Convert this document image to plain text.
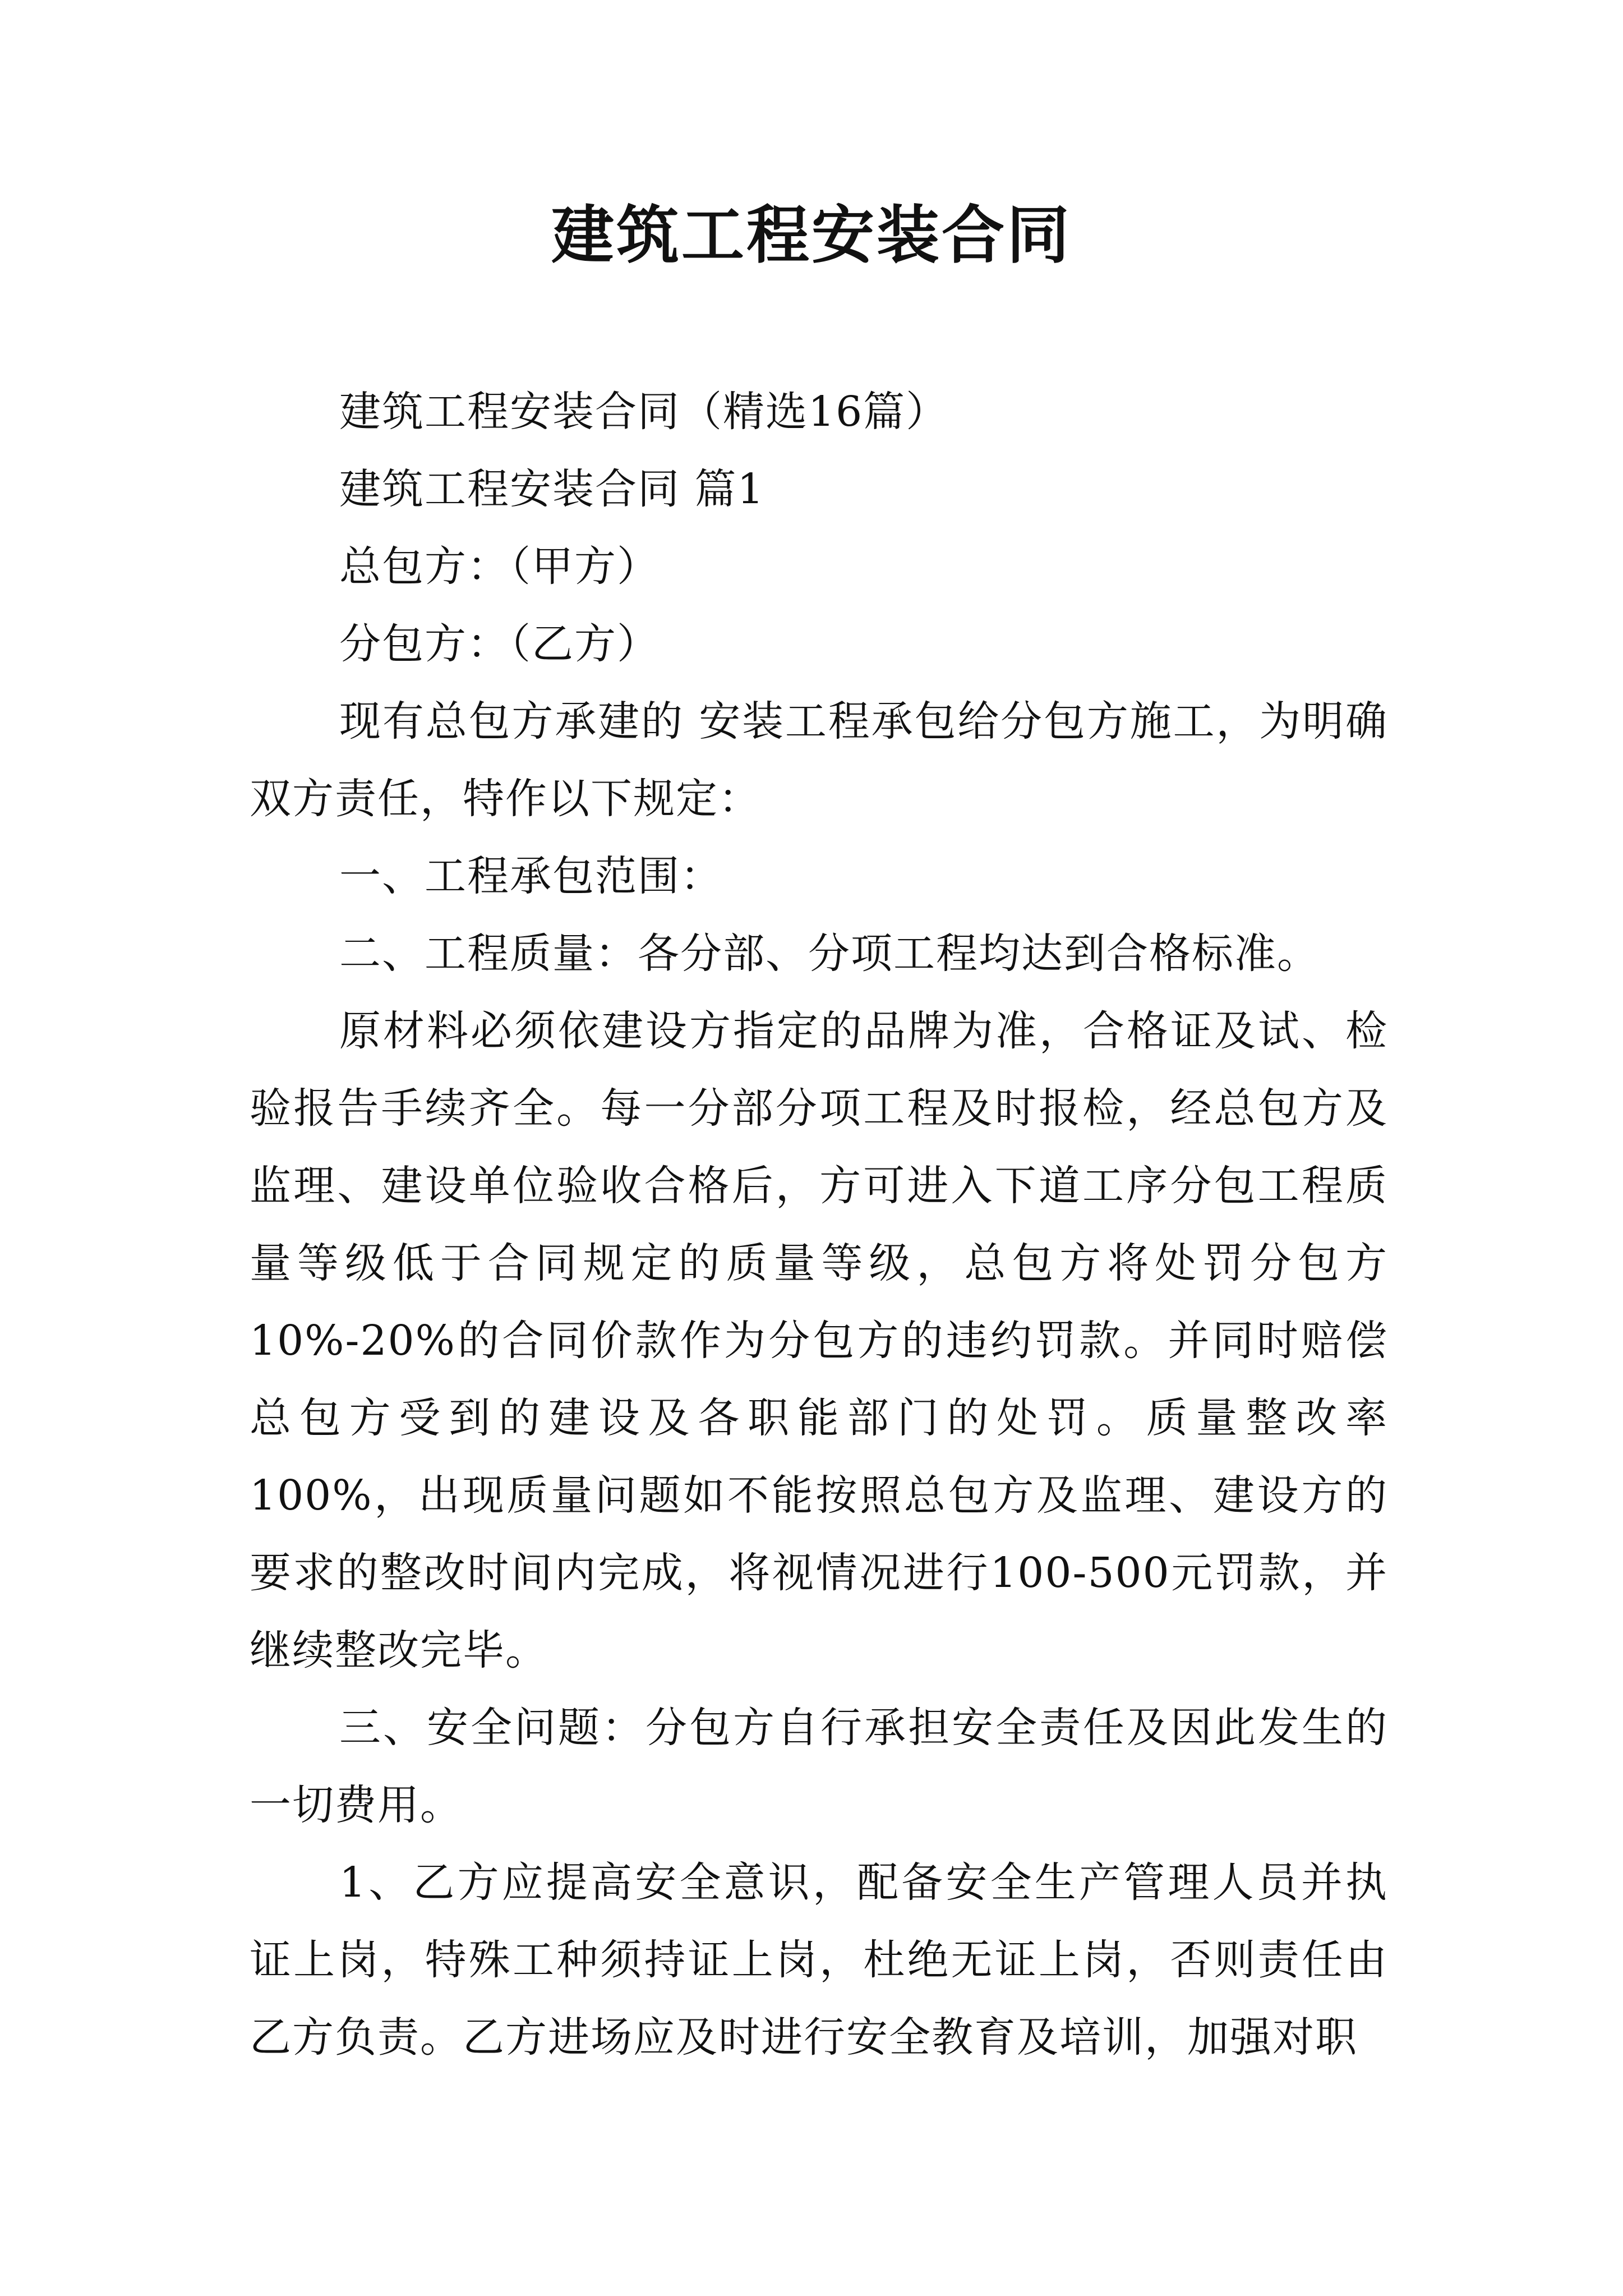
建筑工程安装合同

建筑工程安装合同（精选16篇）

建筑工程安装合同 篇1

总包方：（甲方）

分包方：（乙方）

现有总包方承建的 安装工程承包给分包方施工，为明确双方责任，特作以下规定：

一、工程承包范围：

二、工程质量：各分部、分项工程均达到合格标准。

原材料必须依建设方指定的品牌为准，合格证及试、检验报告手续齐全。每一分部分项工程及时报检，经总包方及监理、建设单位验收合格后，方可进入下道工序分包工程质量等级低于合同规定的质量等级，总包方将处罚分包方10%-20%的合同价款作为分包方的违约罚款。并同时赔偿总包方受到的建设及各职能部门的处罚。质量整改率100%，出现质量问题如不能按照总包方及监理、建设方的要求的整改时间内完成，将视情况进行100-500元罚款，并继续整改完毕。

三、安全问题：分包方自行承担安全责任及因此发生的一切费用。

1、乙方应提高安全意识，配备安全生产管理人员并执证上岗，特殊工种须持证上岗，杜绝无证上岗，否则责任由乙方负责。乙方进场应及时进行安全教育及培训，加强对职
